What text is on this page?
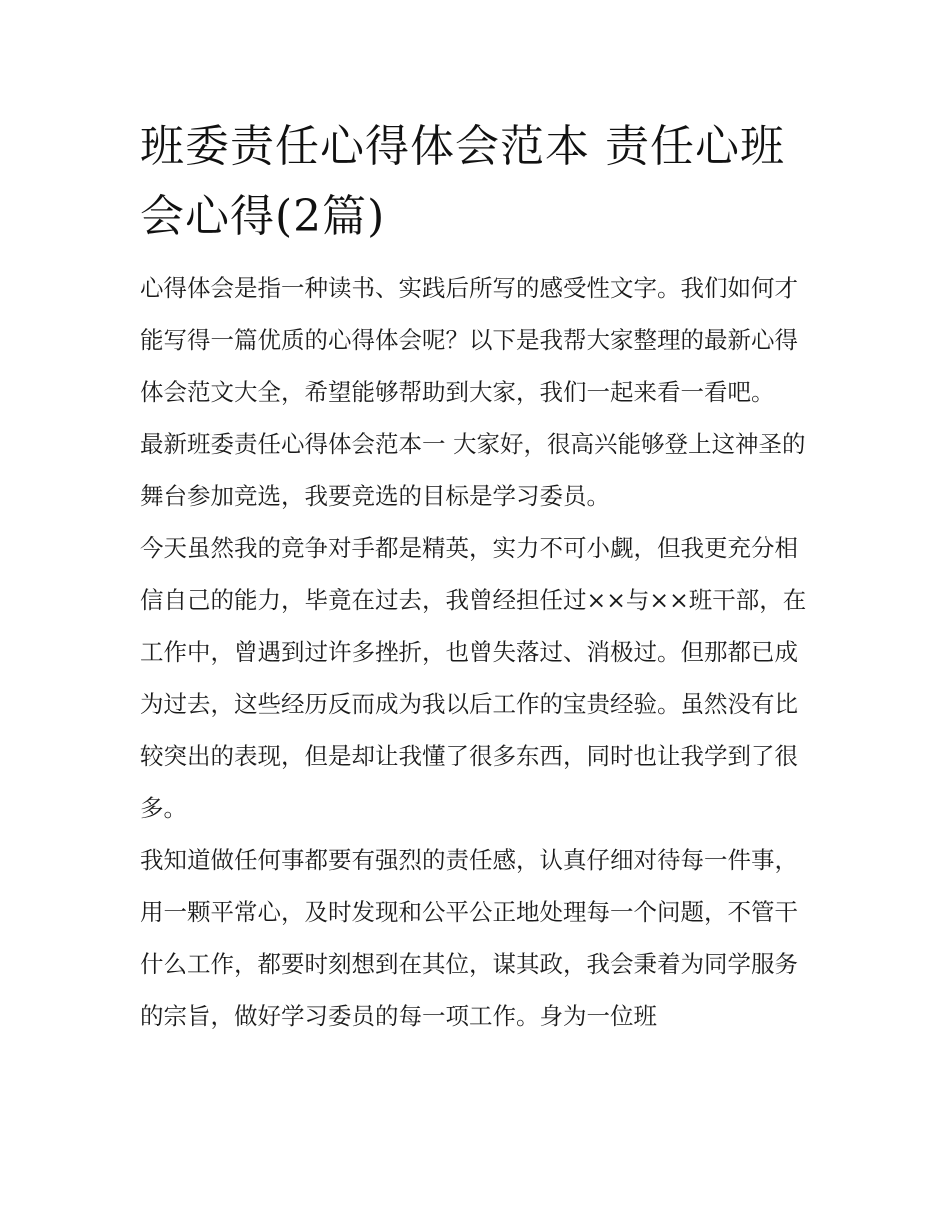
班委责任心得体会范本 责任心班会心得(2篇)

心得体会是指一种读书、实践后所写的感受性文字。我们如何才能写得一篇优质的心得体会呢？以下是我帮大家整理的最新心得体会范文大全，希望能够帮助到大家，我们一起来看一看吧。

最新班委责任心得体会范本一 大家好，很高兴能够登上这神圣的舞台参加竞选，我要竞选的目标是学习委员。

今天虽然我的竞争对手都是精英，实力不可小觑，但我更充分相信自己的能力，毕竟在过去，我曾经担任过××与××班干部，在工作中，曾遇到过许多挫折，也曾失落过、消极过。但那都已成为过去，这些经历反而成为我以后工作的宝贵经验。虽然没有比较突出的表现，但是却让我懂了很多东西，同时也让我学到了很多。

我知道做任何事都要有强烈的责任感，认真仔细对待每一件事，用一颗平常心，及时发现和公平公正地处理每一个问题，不管干什么工作，都要时刻想到在其位，谋其政，我会秉着为同学服务的宗旨，做好学习委员的每一项工作。身为一位班
